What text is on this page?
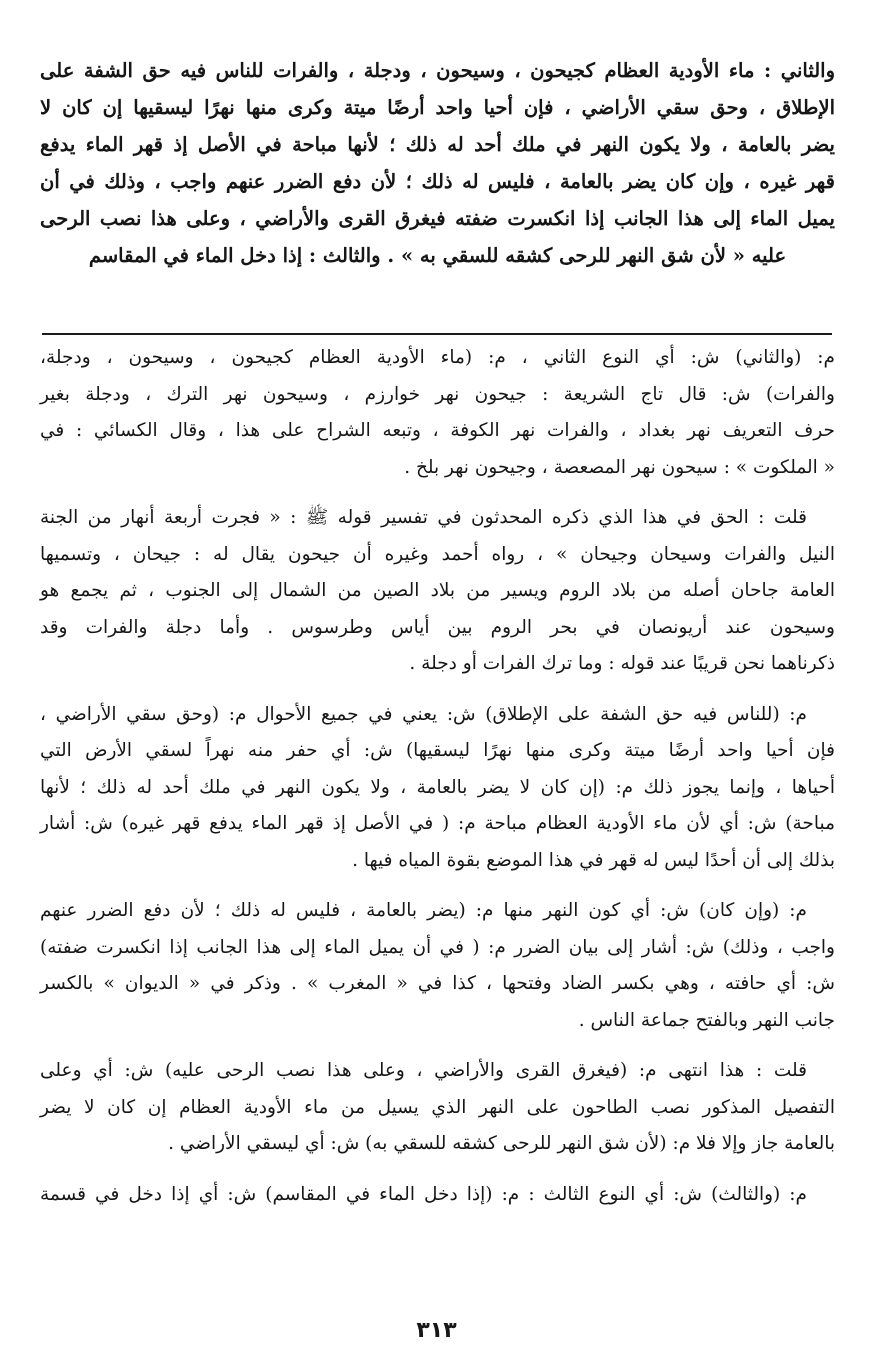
والثاني : ماء الأودية العظام كجيحون ، وسيحون ، ودجلة ، والفرات للناس فيه حق الشفة على
الإطلاق ، وحق سقي الأراضي ، فإن أحيا واحد أرضًا ميتة وكرى منها نهرًا ليسقيها إن كان لا
يضر بالعامة ، ولا يكون النهر في ملك أحد له ذلك ؛ لأنها مباحة في الأصل إذ قهر الماء يدفع
قهر غيره ، وإن كان يضر بالعامة ، فليس له ذلك ؛ لأن دفع الضرر عنهم واجب ، وذلك في أن
يميل الماء إلى هذا الجانب إذا انكسرت ضفته فيغرق القرى والأراضي ، وعلى هذا نصب الرحى
عليه « لأن شق النهر للرحى كشقه للسقي به » . والثالث : إذا دخل الماء في المقاسم
م: (والثاني) ش: أي النوع الثاني ، م: (ماء الأودية العظام كجيحون ، وسيحون ، ودجلة،
والفرات) ش: قال تاج الشريعة : جيحون نهر خوارزم ، وسيحون نهر الترك ، ودجلة بغير
حرف التعريف نهر بغداد ، والفرات نهر الكوفة ، وتبعه الشراح على هذا ، وقال الكسائي : في
« الملكوت » : سيحون نهر المصعصة ، وجيحون نهر بلخ .
قلت : الحق في هذا الذي ذكره المحدثون في تفسير قوله ﷺ : « فجرت أربعة أنهار من الجنة
النيل والفرات وسيحان وجيحان » ، رواه أحمد وغيره أن جيحون يقال له : جيحان ، وتسميها
العامة جاحان أصله من بلاد الروم ويسير من بلاد الصين من الشمال إلى الجنوب ، ثم يجمع هو
وسيحون عند أريونصان في بحر الروم بين أياس وطرسوس . وأما دجلة والفرات وقد
ذكرناهما نحن قريبًا عند قوله : وما ترك الفرات أو دجلة .
م: (للناس فيه حق الشفة على الإطلاق) ش: يعني في جميع الأحوال م: (وحق سقي الأراضي ،
فإن أحيا واحد أرضًا ميتة وكرى منها نهرًا ليسقيها) ش: أي حفر منه نهراً لسقي الأرض التي
أحياها ، وإنما يجوز ذلك م: (إن كان لا يضر بالعامة ، ولا يكون النهر في ملك أحد له ذلك ؛ لأنها
مباحة) ش: أي لأن ماء الأودية العظام مباحة م: ( في الأصل إذ قهر الماء يدفع قهر غيره) ش: أشار
بذلك إلى أن أحدًا ليس له قهر في هذا الموضع بقوة المياه فيها .
م: (وإن كان) ش: أي كون النهر منها م: (يضر بالعامة ، فليس له ذلك ؛ لأن دفع الضرر عنهم
واجب ، وذلك) ش: أشار إلى بيان الضرر م: ( في أن يميل الماء إلى هذا الجانب إذا انكسرت ضفته)
ش: أي حافته ، وهي بكسر الضاد وفتحها ، كذا في « المغرب » . وذكر في « الديوان » بالكسر
جانب النهر وبالفتح جماعة الناس .
قلت : هذا انتهى م: (فيغرق القرى والأراضي ، وعلى هذا نصب الرحى عليه) ش: أي وعلى
التفصيل المذكور نصب الطاحون على النهر الذي يسيل من ماء الأودية العظام إن كان لا يضر
بالعامة جاز وإلا فلا م: (لأن شق النهر للرحى كشقه للسقي به) ش: أي ليسقي الأراضي .
م: (والثالث) ش: أي النوع الثالث : م: (إذا دخل الماء في المقاسم) ش: أي إذا دخل في قسمة
٣١٣
